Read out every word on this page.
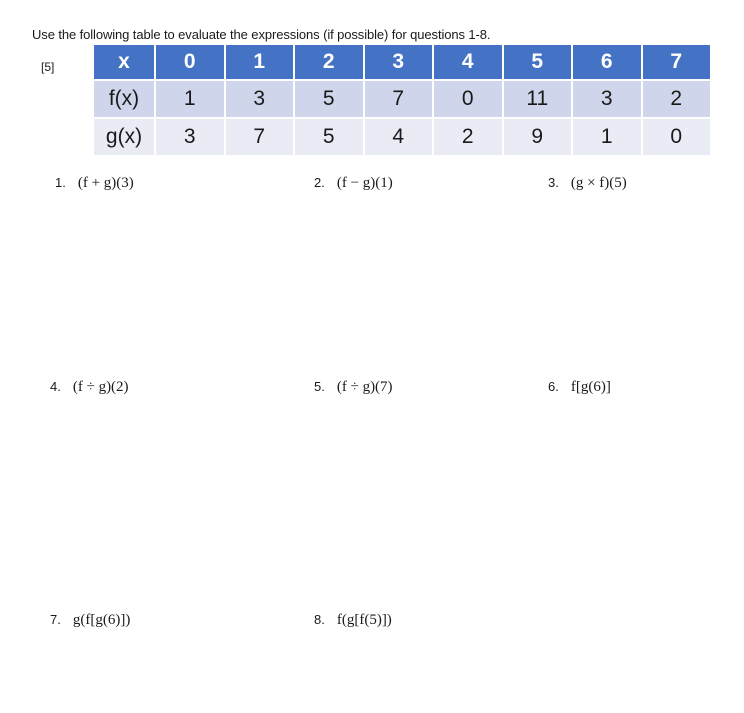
Use the following table to evaluate the expressions (if possible) for questions 1-8.
[5]	x	0	1	2	3	4	5	6	7
f(x)	1	3	5	7	0	11	3	2
g(x)	3	7	5	4	2	9	1	0
1. (f + g)(3)	2. (f − g)(1)	3. (g × f)(5)
4. (f ÷ g)(2)	5. (f ÷ g)(7)	6. f[g(6)]
7. g(f[g(6)])	8. f(g[f(5)])
